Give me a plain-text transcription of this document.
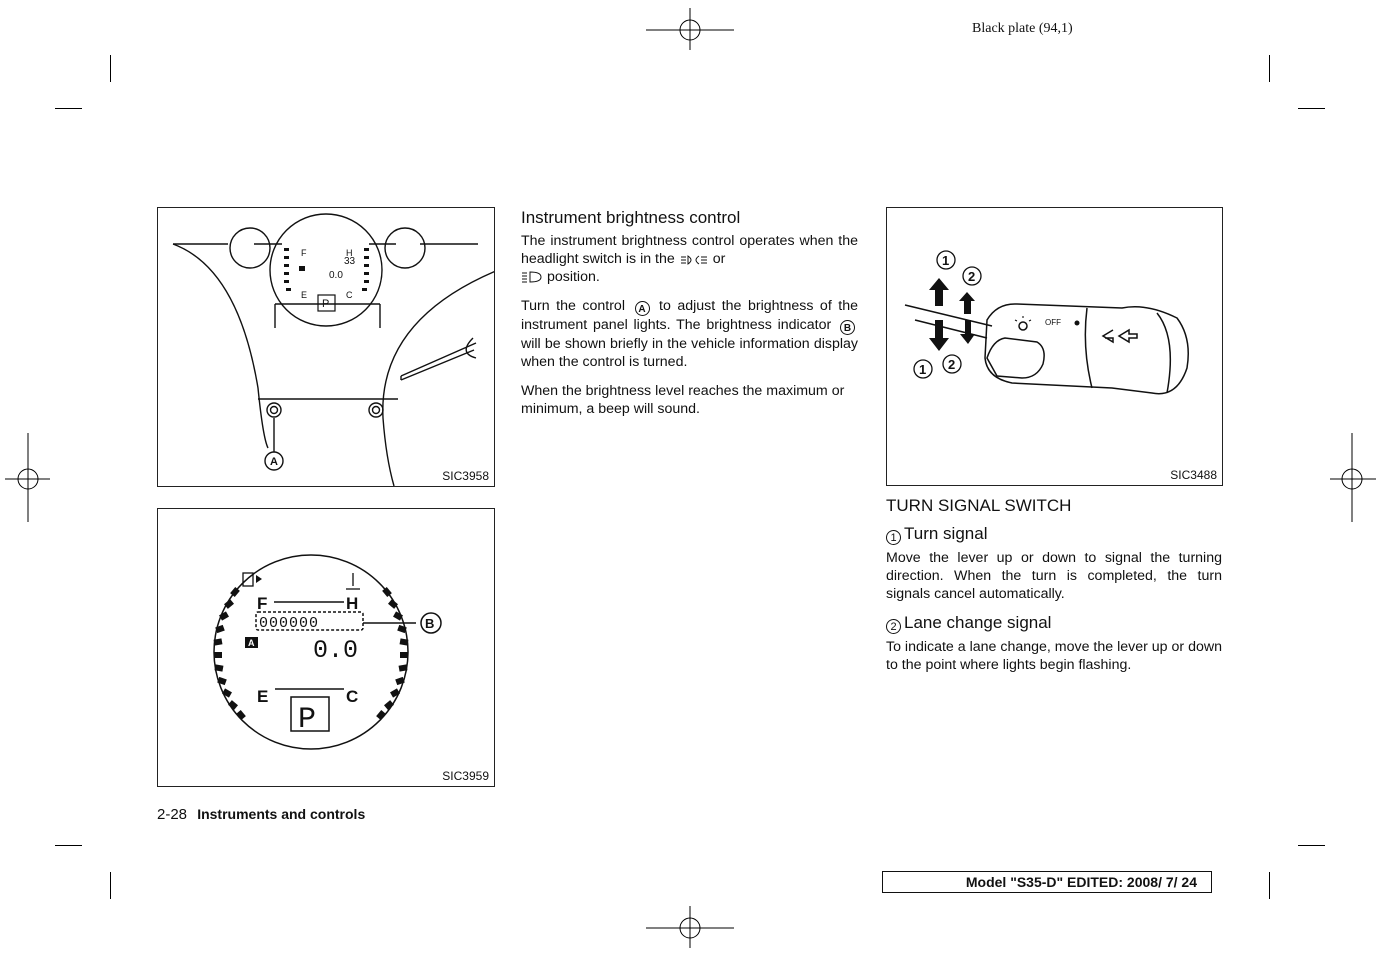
Black plate (94,1)
F	H
E	C
0.0
33
P
A
SIC3958
F	H
E	C
000000
0.0
A
P
B
SIC3959
Instrument brightness control

The instrument brightness control operates when the headlight switch is in the	or
position.

Turn the control A to adjust the brightness of the instrument panel lights. The brightness indicator B will be shown briefly in the vehicle information display when the control is turned.

When the brightness level reaches the maximum or minimum, a beep will sound.

OFF
1
2
1 2
SIC3488
TURN SIGNAL SWITCH
1 Turn signal

Move the lever up or down to signal the turning direction. When the turn is completed, the turn signals cancel automatically.

2 Lane change signal

To indicate a lane change, move the lever up or down to the point where lights begin flashing.

2-28 Instruments and controls
Model "S35-D" EDITED: 2008/ 7/ 24
